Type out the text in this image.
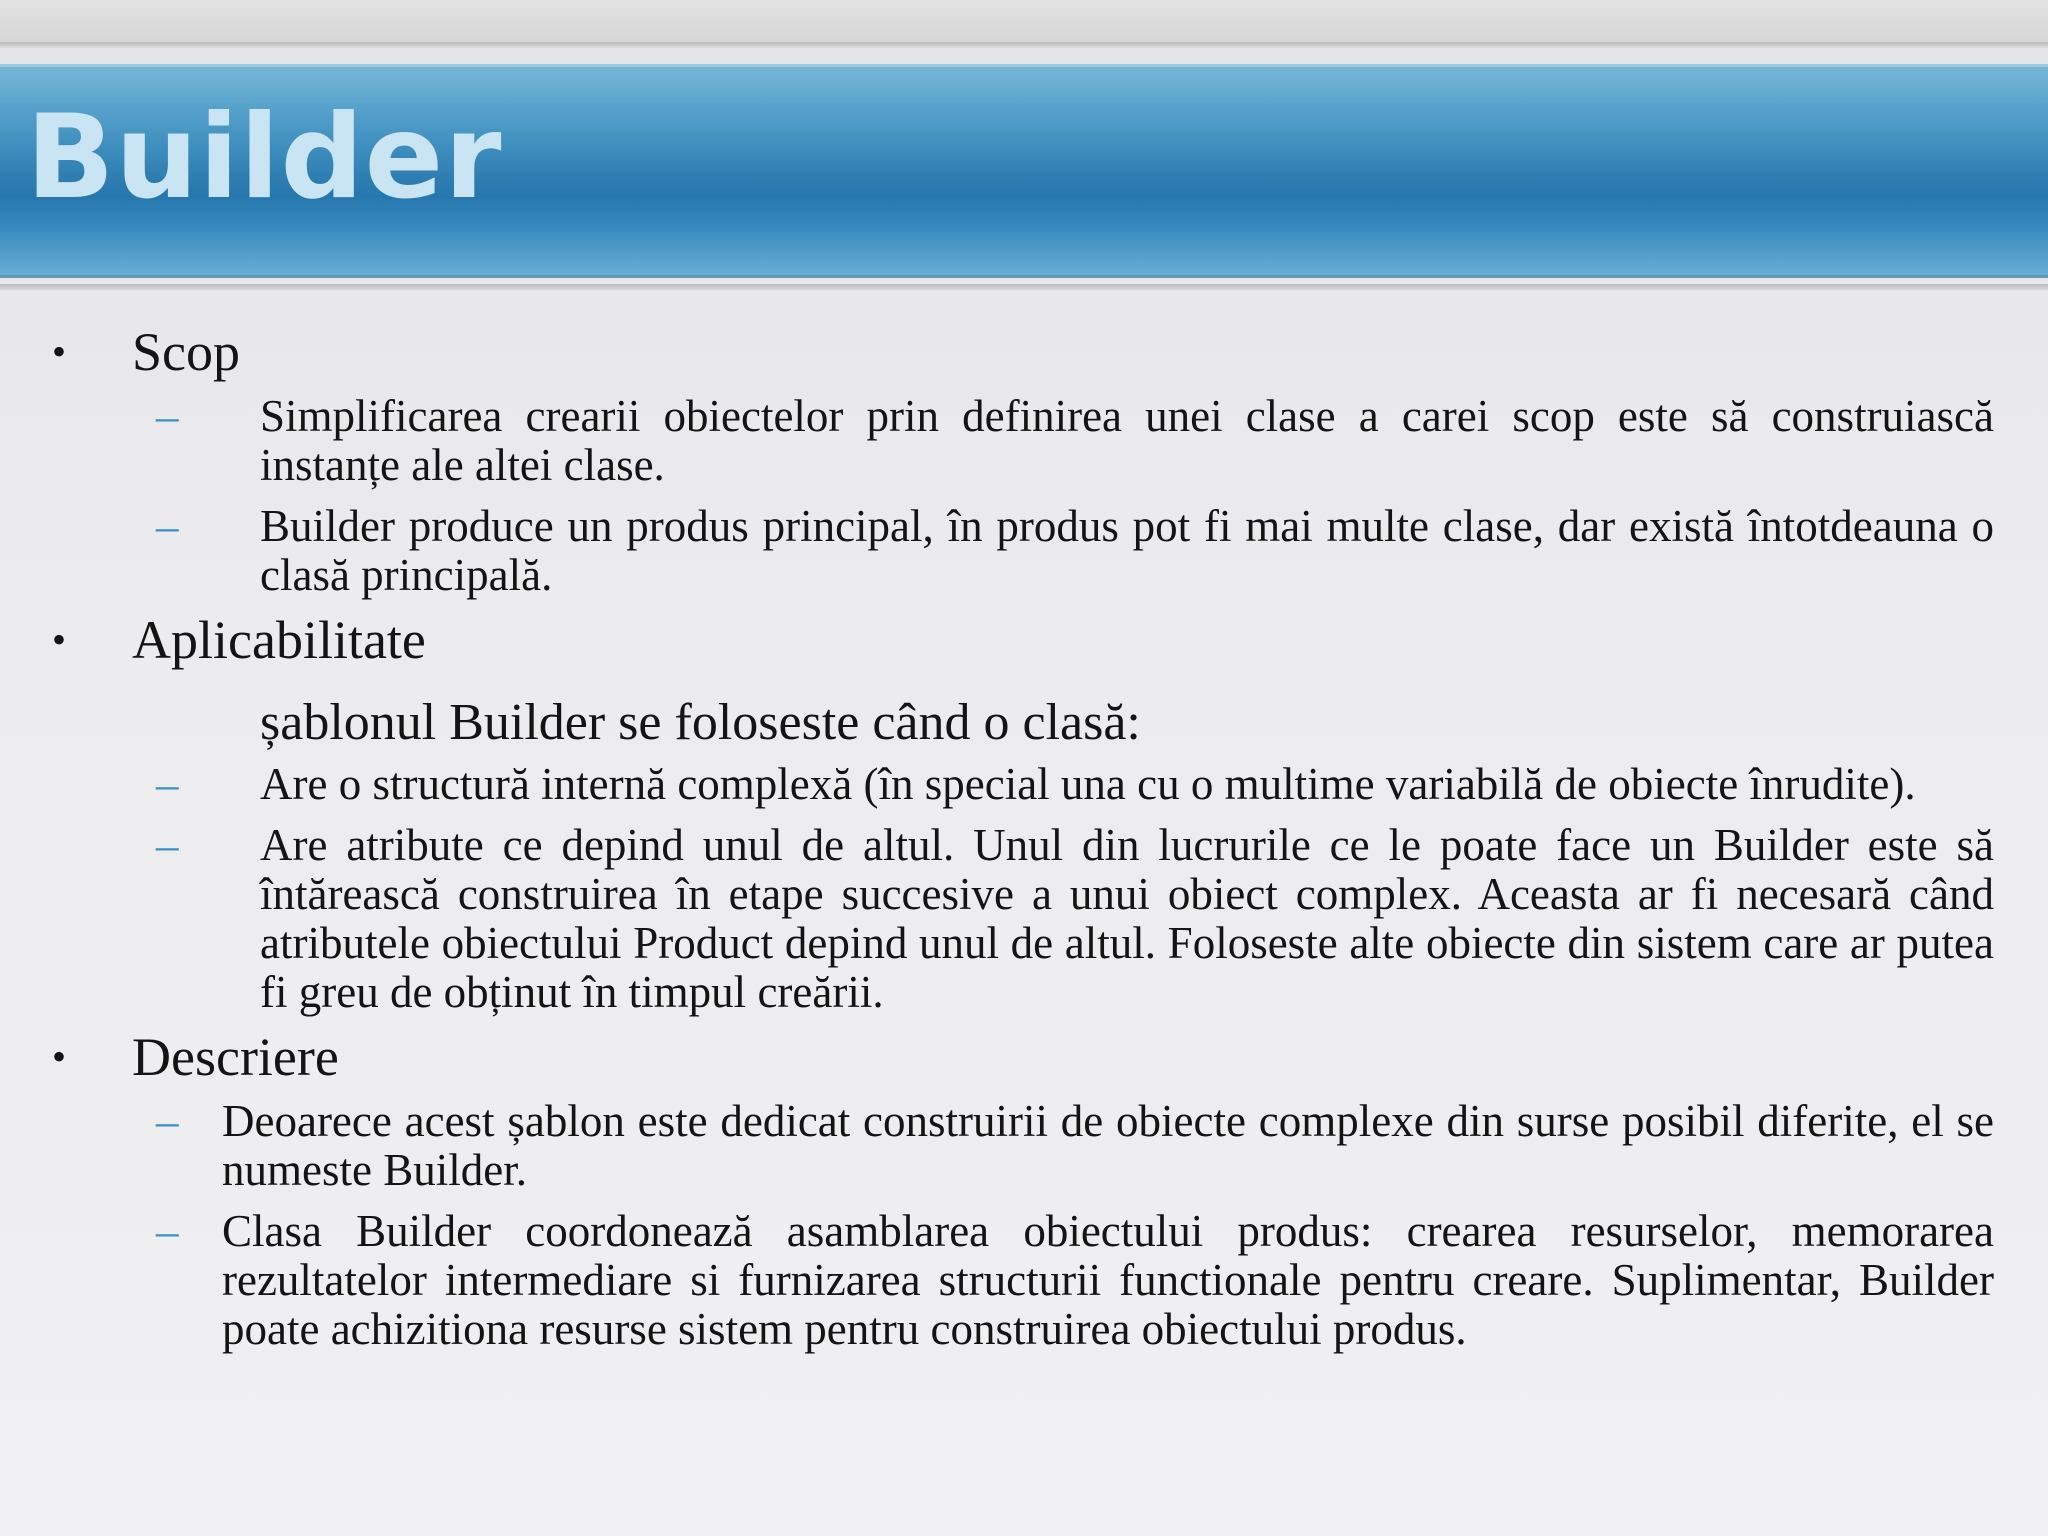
Builder
• Scop
– Simplificarea crearii obiectelor prin definirea unei clase a carei scop este să construiască instanțe ale altei clase.
– Builder produce un produs principal, în produs pot fi mai multe clase, dar există întotdeauna o clasă principală.
• Aplicabilitate
șablonul Builder se foloseste când o clasă:
– Are o structură internă complexă (în special una cu o multime variabilă de obiecte înrudite).
– Are atribute ce depind unul de altul. Unul din lucrurile ce le poate face un Builder este să întărească construirea în etape succesive a unui obiect complex. Aceasta ar fi necesară când atributele obiectului Product depind unul de altul. Foloseste alte obiecte din sistem care ar putea fi greu de obținut în timpul creării.
• Descriere
– Deoarece acest șablon este dedicat construirii de obiecte complexe din surse posibil diferite, el se numeste Builder.
– Clasa Builder coordonează asamblarea obiectului produs: crearea resurselor, memorarea rezultatelor intermediare si furnizarea structurii functionale pentru creare. Suplimentar, Builder poate achizitiona resurse sistem pentru construirea obiectului produs.
